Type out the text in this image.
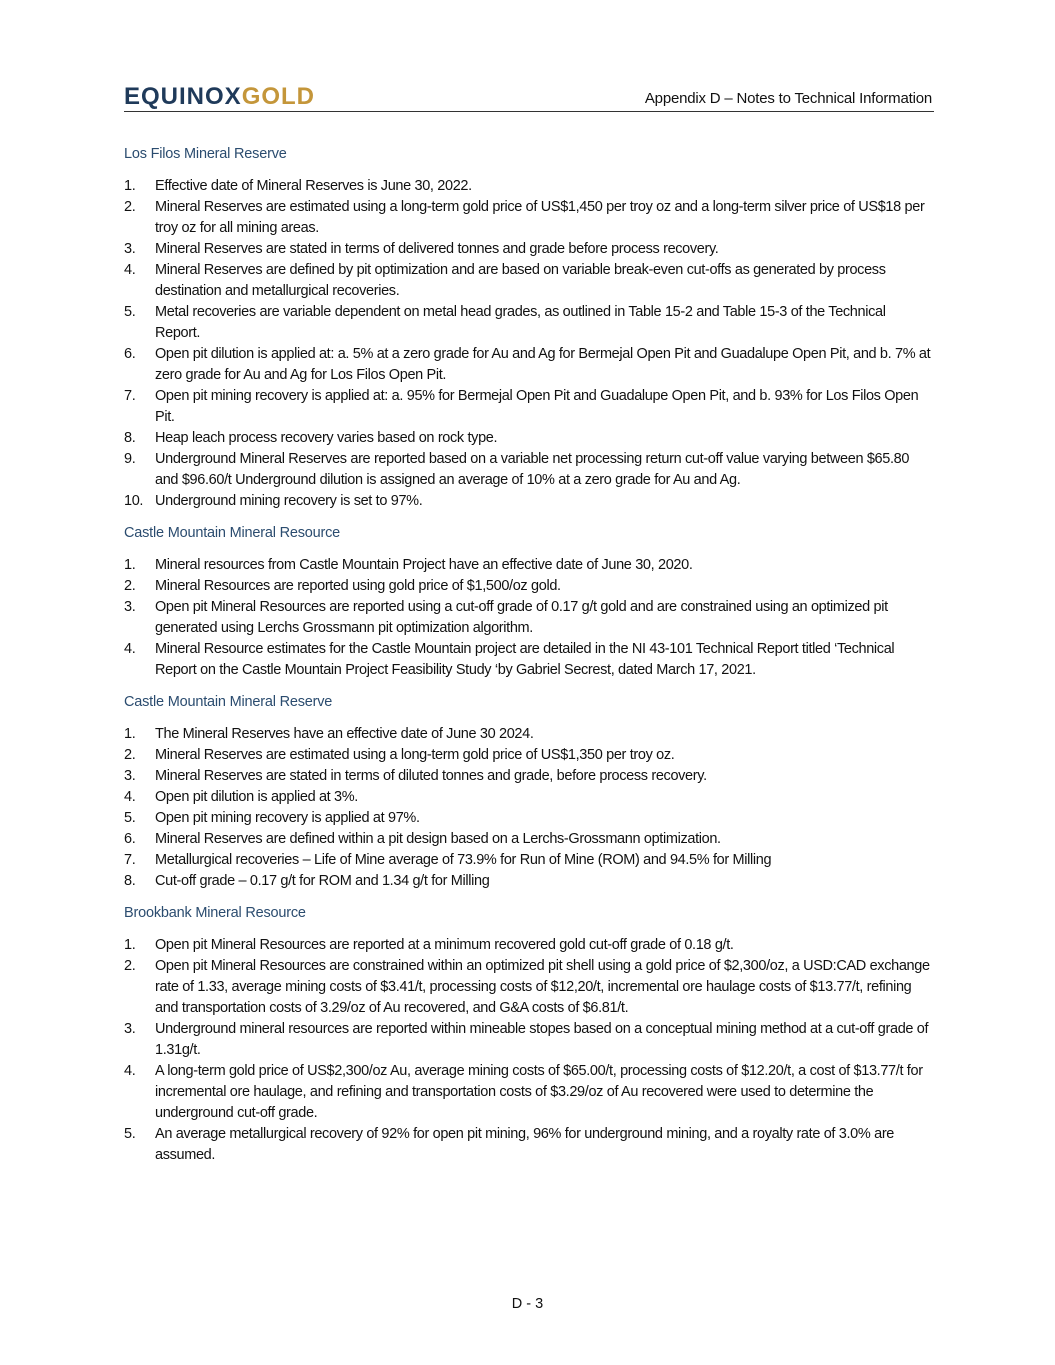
EQUINOXGOLD	Appendix D – Notes to Technical Information
Los Filos Mineral Reserve
1. Effective date of Mineral Reserves is June 30, 2022.
2. Mineral Reserves are estimated using a long-term gold price of US$1,450 per troy oz and a long-term silver price of US$18 per troy oz for all mining areas.
3. Mineral Reserves are stated in terms of delivered tonnes and grade before process recovery.
4. Mineral Reserves are defined by pit optimization and are based on variable break-even cut-offs as generated by process destination and metallurgical recoveries.
5. Metal recoveries are variable dependent on metal head grades, as outlined in Table 15-2 and Table 15-3 of the Technical Report.
6. Open pit dilution is applied at: a. 5% at a zero grade for Au and Ag for Bermejal Open Pit and Guadalupe Open Pit, and b. 7% at zero grade for Au and Ag for Los Filos Open Pit.
7. Open pit mining recovery is applied at: a. 95% for Bermejal Open Pit and Guadalupe Open Pit, and b. 93% for Los Filos Open Pit.
8. Heap leach process recovery varies based on rock type.
9. Underground Mineral Reserves are reported based on a variable net processing return cut-off value varying between $65.80 and $96.60/t Underground dilution is assigned an average of 10% at a zero grade for Au and Ag.
10. Underground mining recovery is set to 97%.
Castle Mountain Mineral Resource
1. Mineral resources from Castle Mountain Project have an effective date of June 30, 2020.
2. Mineral Resources are reported using gold price of $1,500/oz gold.
3. Open pit Mineral Resources are reported using a cut-off grade of 0.17 g/t gold and are constrained using an optimized pit generated using Lerchs Grossmann pit optimization algorithm.
4. Mineral Resource estimates for the Castle Mountain project are detailed in the NI 43-101 Technical Report titled ‘Technical Report on the Castle Mountain Project Feasibility Study ‘by Gabriel Secrest, dated March 17, 2021.
Castle Mountain Mineral Reserve
1. The Mineral Reserves have an effective date of June 30 2024.
2. Mineral Reserves are estimated using a long-term gold price of US$1,350 per troy oz.
3. Mineral Reserves are stated in terms of diluted tonnes and grade, before process recovery.
4. Open pit dilution is applied at 3%.
5. Open pit mining recovery is applied at 97%.
6. Mineral Reserves are defined within a pit design based on a Lerchs-Grossmann optimization.
7. Metallurgical recoveries – Life of Mine average of 73.9% for Run of Mine (ROM) and 94.5% for Milling
8. Cut-off grade – 0.17 g/t for ROM and 1.34 g/t for Milling
Brookbank Mineral Resource
1. Open pit Mineral Resources are reported at a minimum recovered gold cut-off grade of 0.18 g/t.
2. Open pit Mineral Resources are constrained within an optimized pit shell using a gold price of $2,300/oz, a USD:CAD exchange rate of 1.33, average mining costs of $3.41/t, processing costs of $12,20/t, incremental ore haulage costs of $13.77/t, refining and transportation costs of 3.29/oz of Au recovered, and G&A costs of $6.81/t.
3. Underground mineral resources are reported within mineable stopes based on a conceptual mining method at a cut-off grade of 1.31g/t.
4. A long-term gold price of US$2,300/oz Au, average mining costs of $65.00/t, processing costs of $12.20/t, a cost of $13.77/t for incremental ore haulage, and refining and transportation costs of $3.29/oz of Au recovered were used to determine the underground cut-off grade.
5. An average metallurgical recovery of 92% for open pit mining, 96% for underground mining, and a royalty rate of 3.0% are assumed.
D - 3
